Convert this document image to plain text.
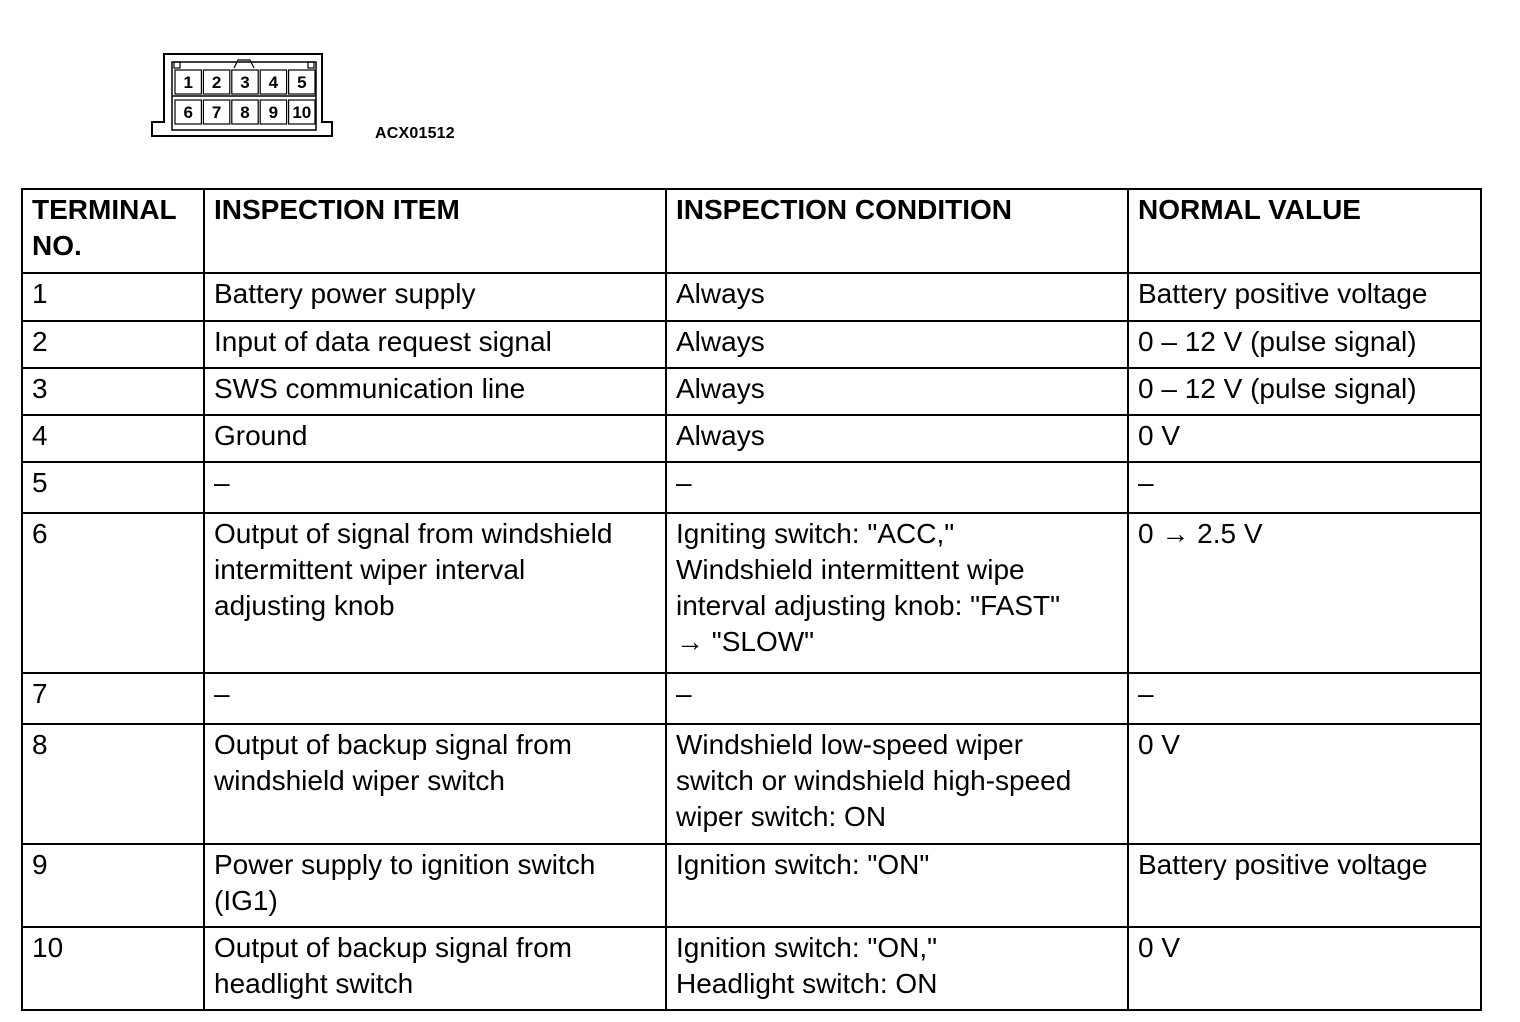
1 2 3 4 5
6 7 8 9 10
ACX01512
TERMINAL
NO.	INSPECTION ITEM	INSPECTION CONDITION	NORMAL VALUE
1	Battery power supply	Always	Battery positive voltage
2	Input of data request signal	Always	0 – 12 V (pulse signal)
3	SWS communication line	Always	0 – 12 V (pulse signal)
4	Ground	Always	0 V
5	–	–	–
6	Output of signal from windshield
intermittent wiper interval
adjusting knob	Igniting switch: "ACC,"
Windshield intermittent wipe
interval adjusting knob: "FAST"
→ "SLOW"	0 → 2.5 V
7	–	–	–
8	Output of backup signal from
windshield wiper switch	Windshield low-speed wiper
switch or windshield high-speed
wiper switch: ON	0 V
9	Power supply to ignition switch
(IG1)	Ignition switch: "ON"	Battery positive voltage
10	Output of backup signal from
headlight switch	Ignition switch: "ON,"
Headlight switch: ON	0 V
